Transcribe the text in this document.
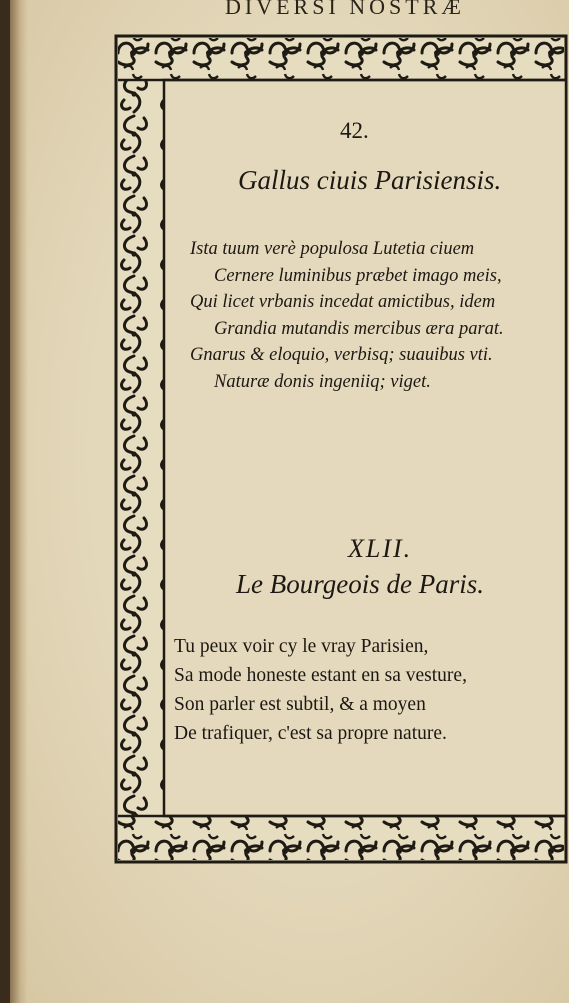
DIVERSI NOSTRÆ
42.
Gallus ciuis Parisiensis.
Ista tuum verè populosa Lutetia ciuem
Cernere luminibus præbet imago meis,
Qui licet vrbanis incedat amictibus, idem
Grandia mutandis mercibus æra parat.
Gnarus & eloquio, verbisq; suauibus vti.
Naturæ donis ingeniiq; viget.
XLII.
Le Bourgeois de Paris.
Tu peux voir cy le vray Parisien,
Sa mode honeste estant en sa vesture,
Son parler est subtil, & a moyen
De trafiquer, c'est sa propre nature.
